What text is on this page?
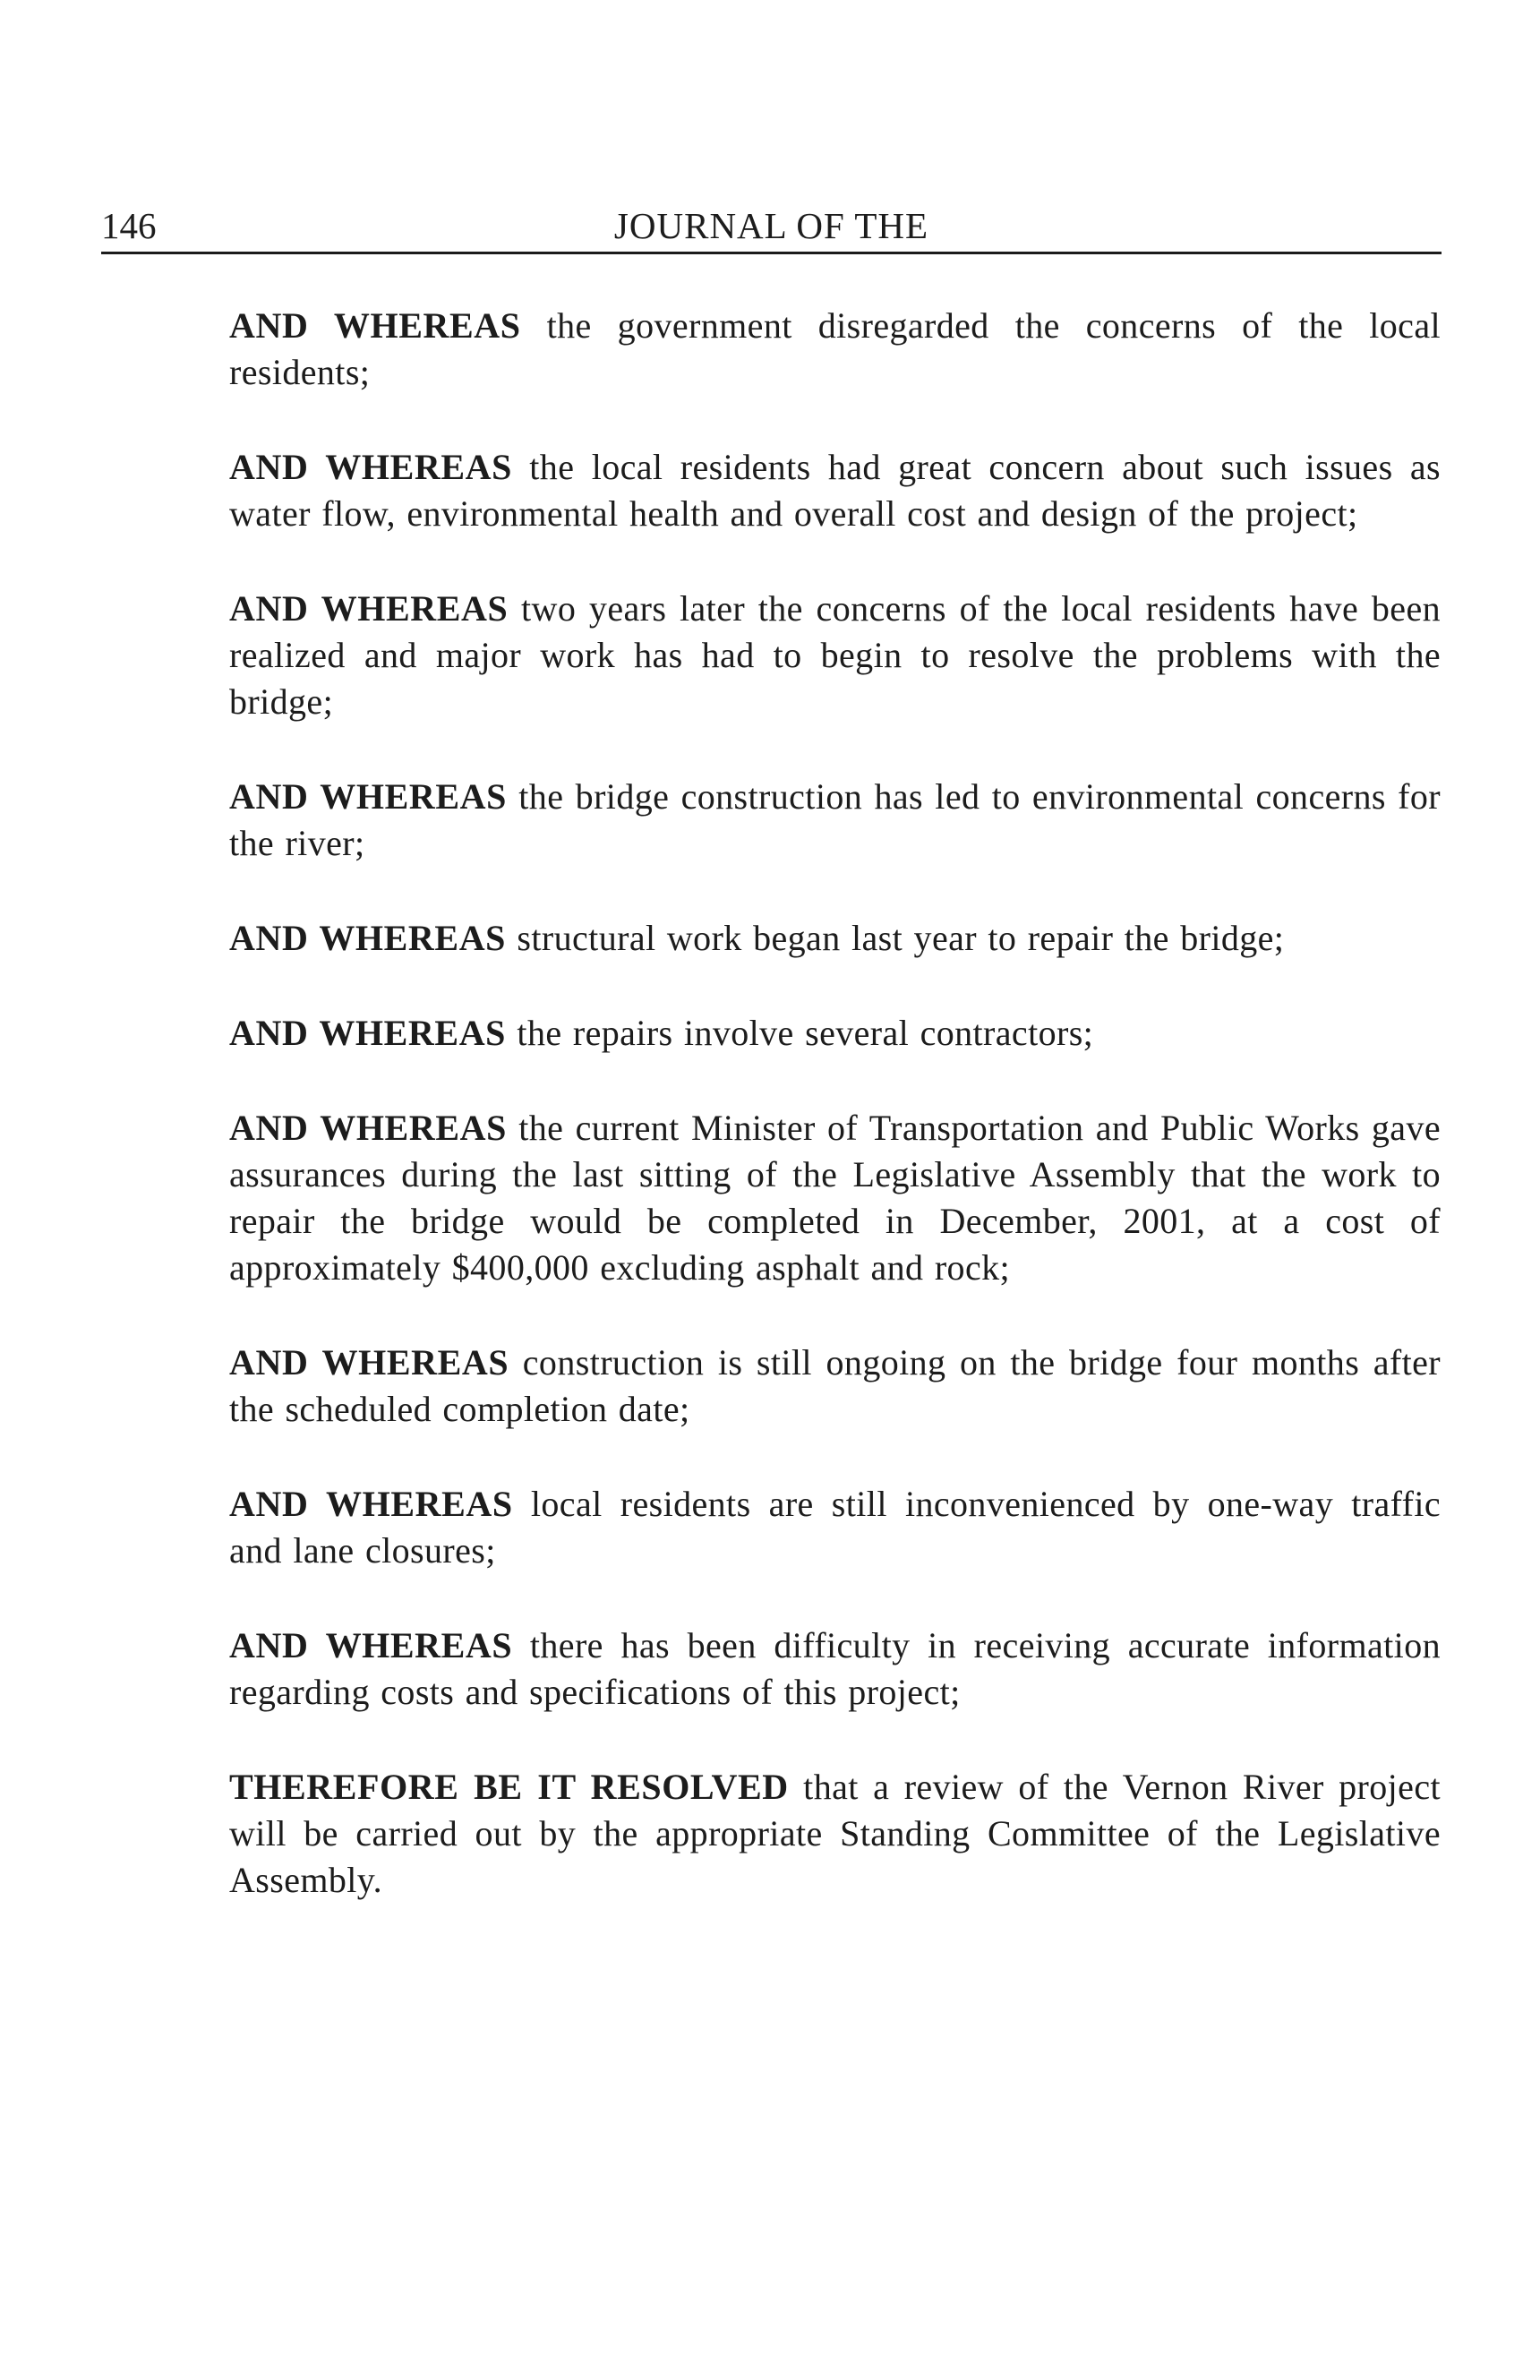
146	JOURNAL OF THE

AND WHEREAS the government disregarded the concerns of the local residents;

AND WHEREAS the local residents had great concern about such issues as water flow, environmental health and overall cost and design of the project;

AND WHEREAS two years later the concerns of the local residents have been realized and major work has had to begin to resolve the problems with the bridge;

AND WHEREAS the bridge construction has led to environmental concerns for the river;

AND WHEREAS structural work began last year to repair the bridge;

AND WHEREAS the repairs involve several contractors;

AND WHEREAS the current Minister of Transportation and Public Works gave assurances during the last sitting of the Legislative Assembly that the work to repair the bridge would be completed in December, 2001, at a cost of approximately $400,000 excluding asphalt and rock;

AND WHEREAS construction is still ongoing on the bridge four months after the scheduled completion date;

AND WHEREAS local residents are still inconvenienced by one-way traffic and lane closures;

AND WHEREAS there has been difficulty in receiving accurate information regarding costs and specifications of this project;

THEREFORE BE IT RESOLVED that a review of the Vernon River project will be carried out by the appropriate Standing Committee of the Legislative Assembly.
